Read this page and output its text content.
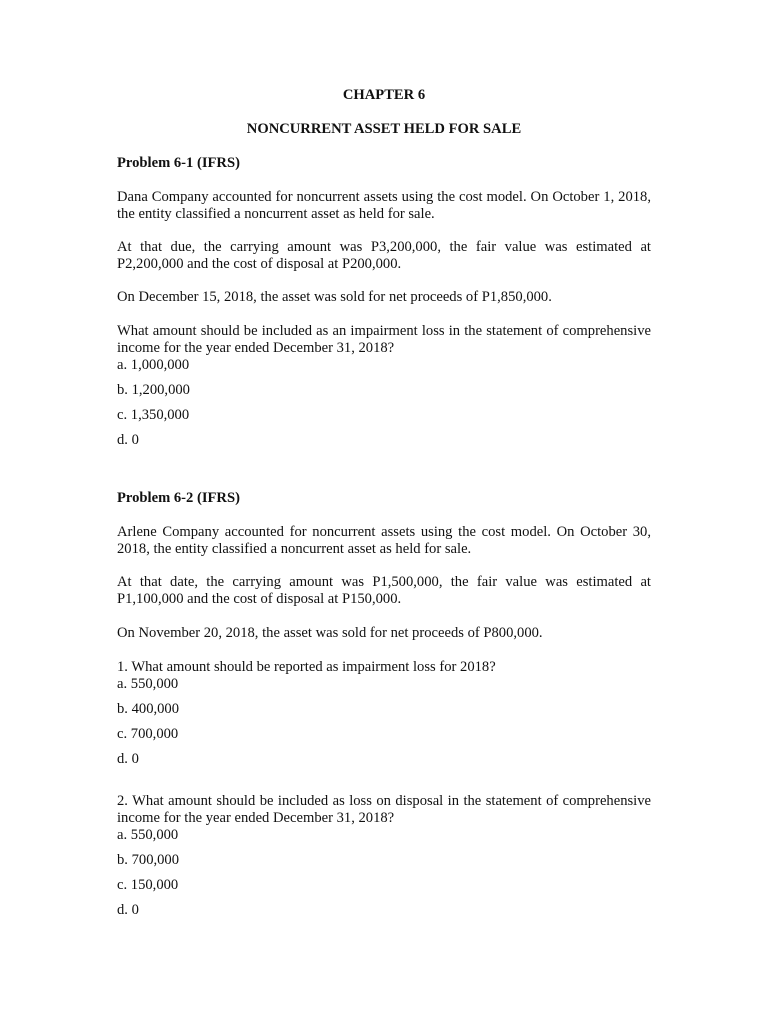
CHAPTER 6
NONCURRENT ASSET HELD FOR SALE
Problem 6-1 (IFRS)
Dana Company accounted for noncurrent assets using the cost model. On October 1, 2018, the entity classified a noncurrent asset as held for sale.
At that due, the carrying amount was P3,200,000, the fair value was estimated at P2,200,000 and the cost of disposal at P200,000.
On December 15, 2018, the asset was sold for net proceeds of P1,850,000.
What amount should be included as an impairment loss in the statement of comprehensive income for the year ended December 31, 2018?
a. 1,000,000
b. 1,200,000
c. 1,350,000
d. 0
Problem 6-2 (IFRS)
Arlene Company accounted for noncurrent assets using the cost model. On October 30, 2018, the entity classified a noncurrent asset as held for sale.
At that date, the carrying amount was P1,500,000, the fair value was estimated at P1,100,000 and the cost of disposal at P150,000.
On November 20, 2018, the asset was sold for net proceeds of P800,000.
1. What amount should be reported as impairment loss for 2018?
a. 550,000
b. 400,000
c. 700,000
d. 0
2. What amount should be included as loss on disposal in the statement of comprehensive income for the year ended December 31, 2018?
a. 550,000
b. 700,000
c. 150,000
d. 0
